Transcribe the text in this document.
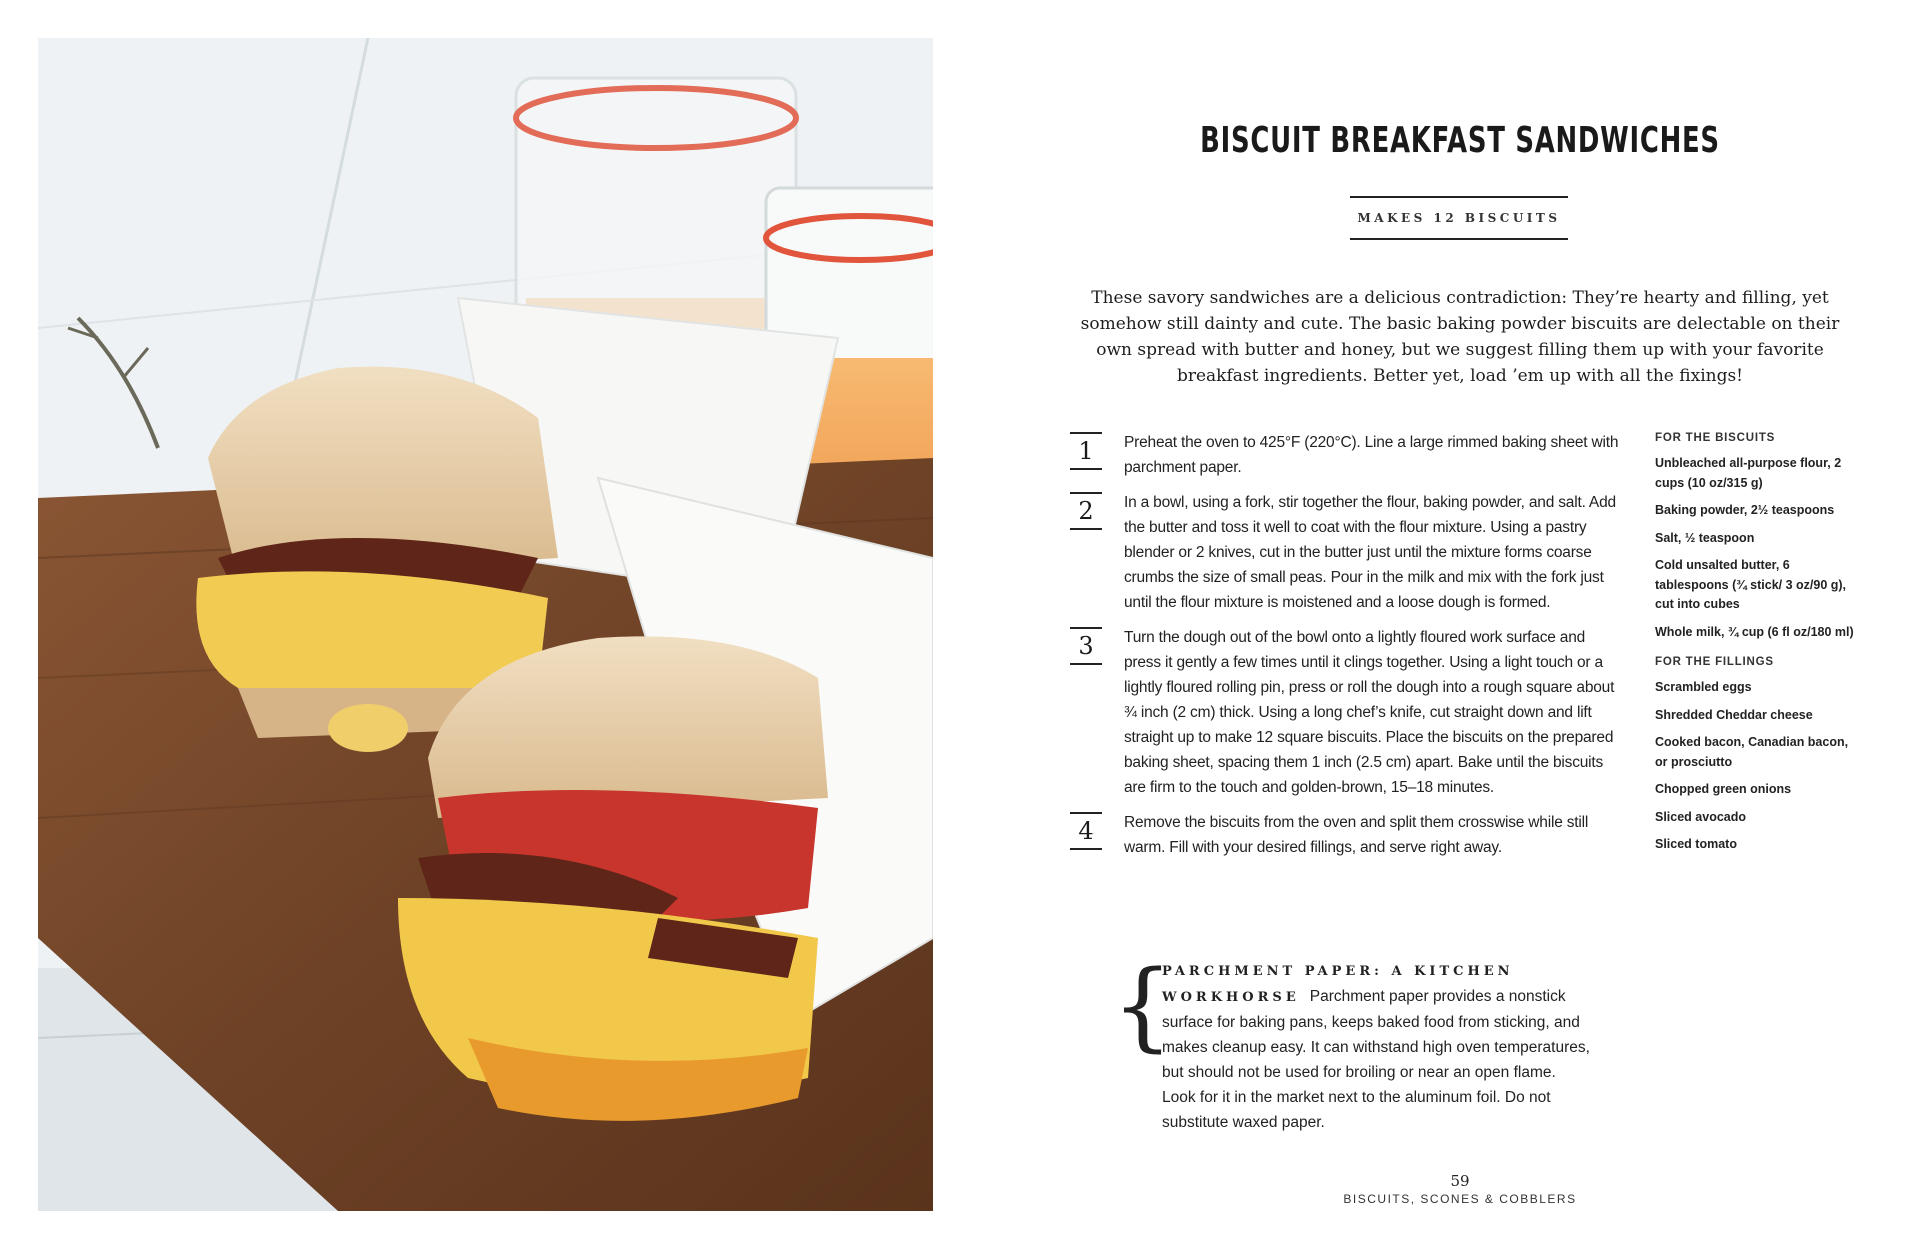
BISCUIT BREAKFAST SANDWICHES
MAKES 12 BISCUITS

These savory sandwiches are a delicious contradiction: They’re hearty and filling, yet somehow still dainty and cute. The basic baking powder biscuits are delectable on their own spread with butter and honey, but we suggest filling them up with your favorite breakfast ingredients. Better yet, load ’em up with all the fixings!

1	Preheat the oven to 425°F (220°C). Line a large rimmed baking sheet with parchment paper.
2	In a bowl, using a fork, stir together the flour, baking powder, and salt. Add the butter and toss it well to coat with the flour mixture. Using a pastry blender or 2 knives, cut in the butter just until the mixture forms coarse crumbs the size of small peas. Pour in the milk and mix with the fork just until the flour mixture is moistened and a loose dough is formed.
3	Turn the dough out of the bowl onto a lightly floured work surface and press it gently a few times until it clings together. Using a light touch or a lightly floured rolling pin, press or roll the dough into a rough square about ¾ inch (2 cm) thick. Using a long chef’s knife, cut straight down and lift straight up to make 12 square biscuits. Place the biscuits on the prepared baking sheet, spacing them 1 inch (2.5 cm) apart. Bake until the biscuits are firm to the touch and golden-brown, 15–18 minutes.
4	Remove the biscuits from the oven and split them crosswise while still warm. Fill with your desired fillings, and serve right away.
FOR THE BISCUITS
Unbleached all-purpose flour, 2 cups (10 oz/315 g)
Baking powder, 2½ teaspoons
Salt, ½ teaspoon
Cold unsalted butter, 6 tablespoons (¾ stick/ 3 oz/90 g), cut into cubes
Whole milk, ¾ cup (6 fl oz/180 ml)
FOR THE FILLINGS
Scrambled eggs
Shredded Cheddar cheese
Cooked bacon, Canadian bacon, or prosciutto
Chopped green onions
Sliced avocado
Sliced tomato
{
PARCHMENT PAPER: A KITCHEN WORKHORSE Parchment paper provides a nonstick surface for baking pans, keeps baked food from sticking, and makes cleanup easy. It can withstand high oven temperatures, but should not be used for broiling or near an open flame. Look for it in the market next to the aluminum foil. Do not substitute waxed paper.
59
BISCUITS, SCONES & COBBLERS
